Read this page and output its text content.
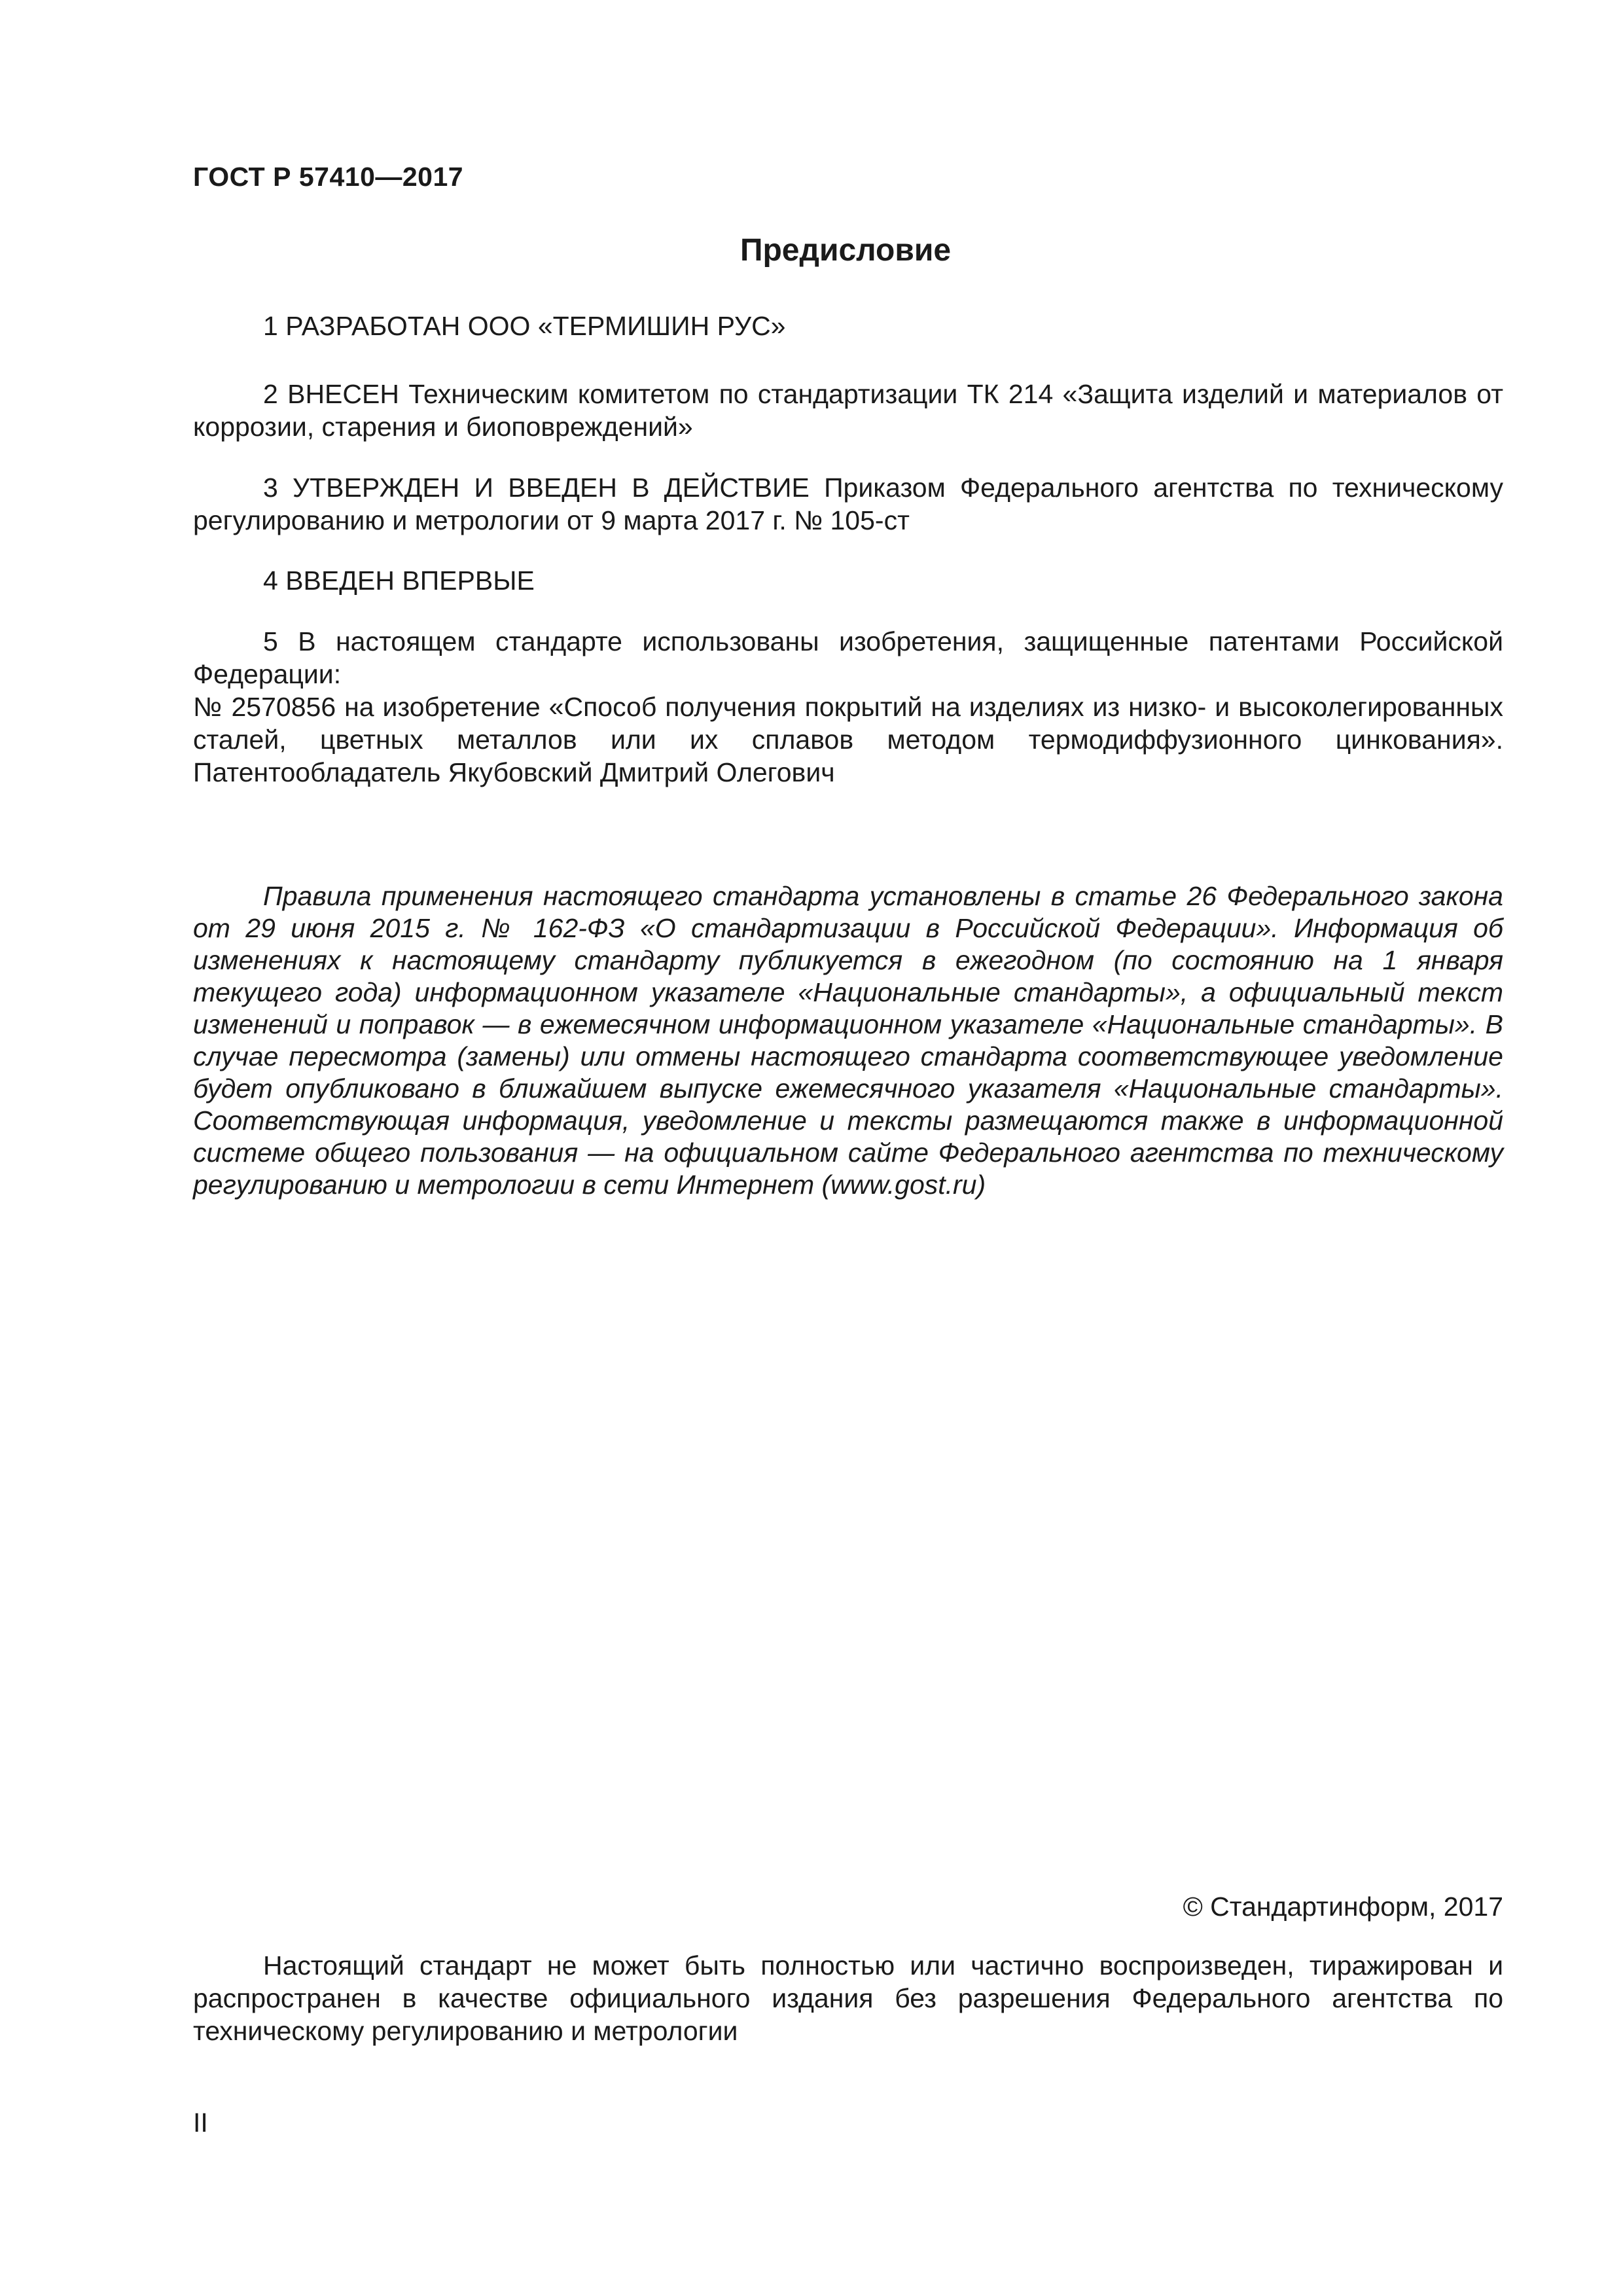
ГОСТ Р 57410—2017
Предисловие
1 РАЗРАБОТАН ООО «ТЕРМИШИН РУС»
2 ВНЕСЕН Техническим комитетом по стандартизации ТК 214 «Защита изделий и материалов от коррозии, старения и биоповреждений»
3 УТВЕРЖДЕН И ВВЕДЕН В ДЕЙСТВИЕ Приказом Федерального агентства по техническому регулированию и метрологии от 9 марта 2017 г. № 105-ст
4 ВВЕДЕН ВПЕРВЫЕ
5 В настоящем стандарте использованы изобретения, защищенные патентами Российской Федерации:
№ 2570856 на изобретение «Способ получения покрытий на изделиях из низко- и высоколегированных сталей, цветных металлов или их сплавов методом термодиффузионного цинкования». Патентообладатель Якубовский Дмитрий Олегович
Правила применения настоящего стандарта установлены в статье 26 Федерального закона от 29 июня 2015 г. № 162-ФЗ «О стандартизации в Российской Федерации». Информация об изменениях к настоящему стандарту публикуется в ежегодном (по состоянию на 1 января текущего года) информационном указателе «Национальные стандарты», а официальный текст изменений и поправок — в ежемесячном информационном указателе «Национальные стандарты». В случае пересмотра (замены) или отмены настоящего стандарта соответствующее уведомление будет опубликовано в ближайшем выпуске ежемесячного указателя «Национальные стандарты». Соответствующая информация, уведомление и тексты размещаются также в информационной системе общего пользования — на официальном сайте Федерального агентства по техническому регулированию и метрологии в сети Интернет (www.gost.ru)
© Стандартинформ, 2017
Настоящий стандарт не может быть полностью или частично воспроизведен, тиражирован и распространен в качестве официального издания без разрешения Федерального агентства по техническому регулированию и метрологии
II
